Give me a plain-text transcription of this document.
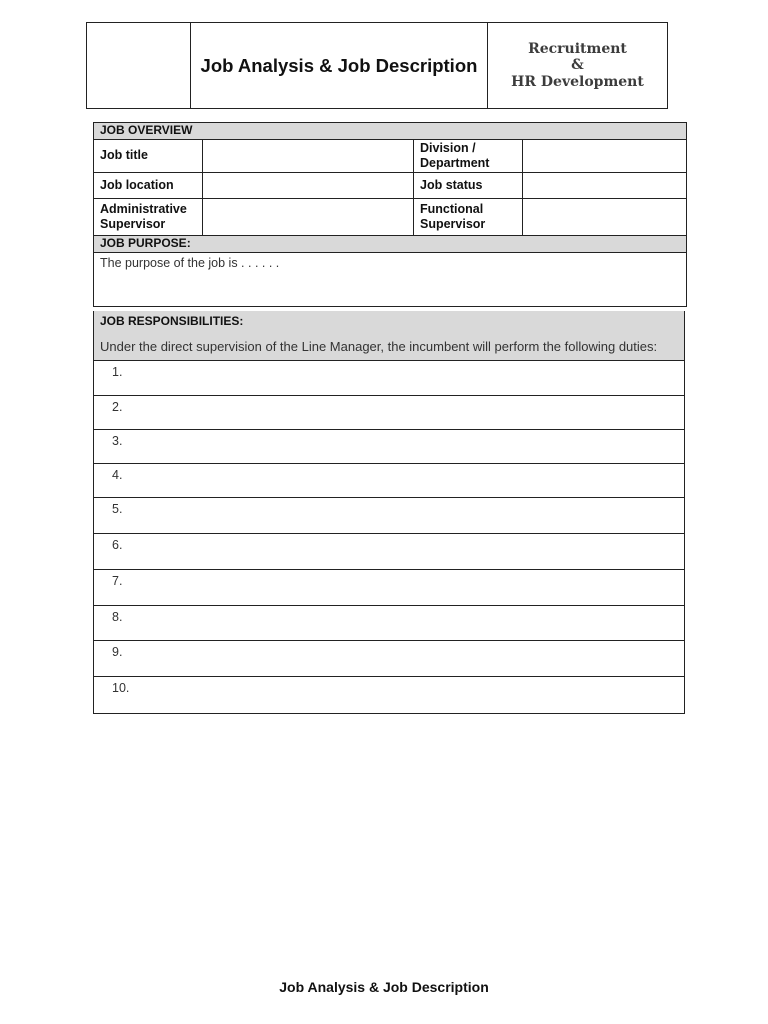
Job Analysis & Job Description
Recruitment
&
HR Development
JOB OVERVIEW			
Job title		Division / Department	
Job location		Job status	
Administrative Supervisor		Functional Supervisor	
JOB PURPOSE:			
The purpose of the job is . . . . . .			
JOB RESPONSIBILITIES:
Under the direct supervision of the Line Manager, the incumbent will perform the following duties:
1.
2.
3.
4.
5.
6.
7.
8.
9.
10.
Job Analysis & Job Description
